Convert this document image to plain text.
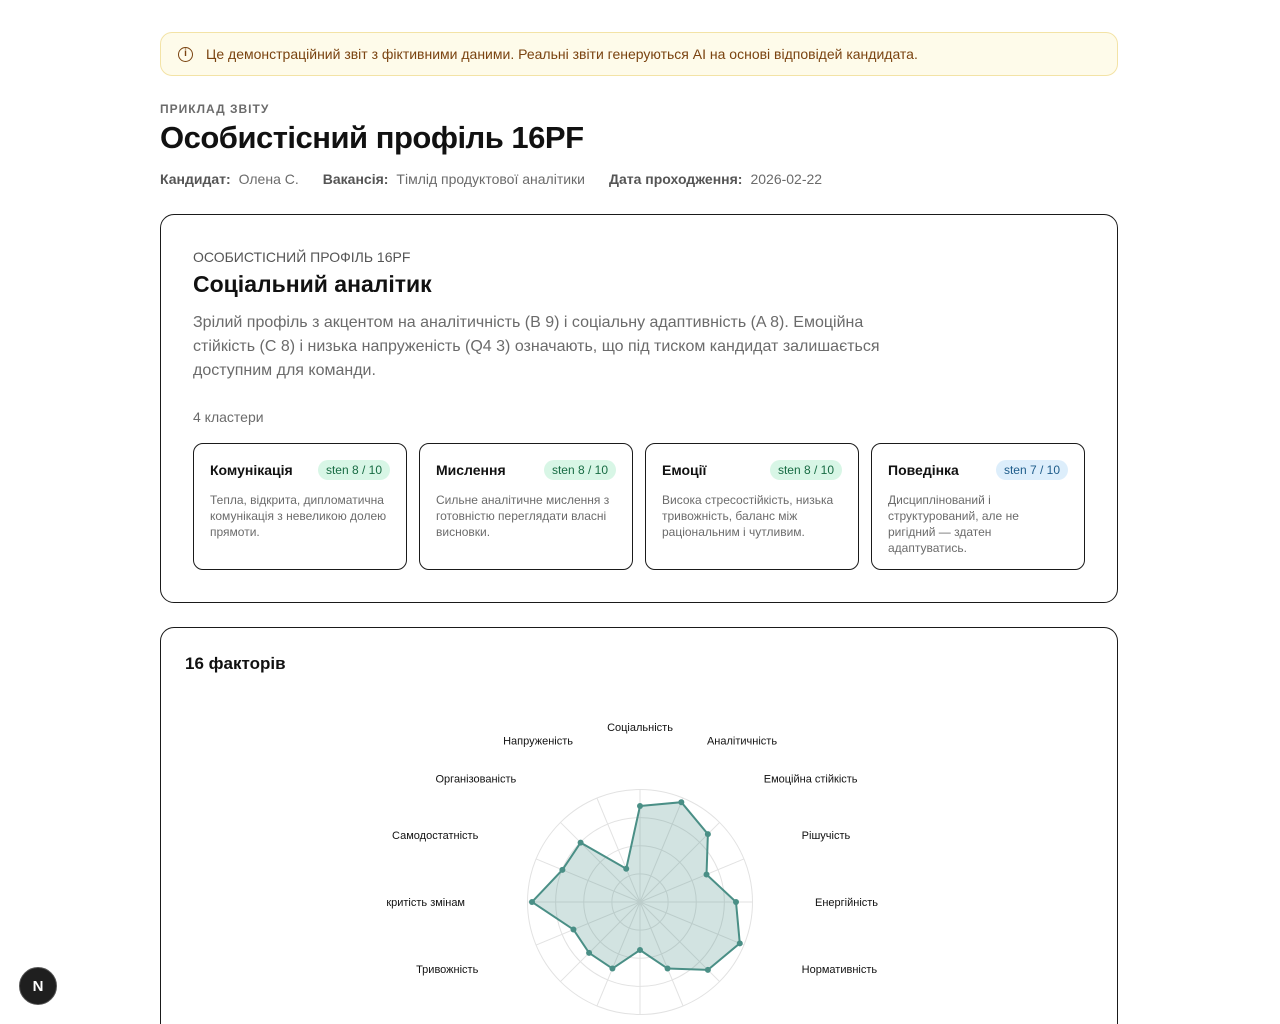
i	Це демонстраційний звіт з фіктивними даними. Реальні звіти генеруються AI на основі відповідей кандидата.
ПРИКЛАД ЗВІТУ
Особистісний профіль 16PF
Кандидат: Олена С. Вакансія: Тімлід продуктової аналітики Дата проходження: 2026-02-22
ОСОБИСТІСНИЙ ПРОФІЛЬ 16PF
Соціальний аналітик

Зрілий профіль з акцентом на аналітичність (B 9) і соціальну адаптивність (A 8). Емоційна стійкість (C 8) і низька напруженість (Q4 3) означають, що під тиском кандидат залишається доступним для команди.

4 кластери
Комунікація	sten 8 / 10
Тепла, відкрита, дипломатична комунікація з невеликою долею прямоти.
Мислення	sten 8 / 10
Сильне аналітичне мислення з готовністю переглядати власні висновки.
Емоції	sten 8 / 10
Висока стресостійкість, низька тривожність, баланс між раціональним і чутливим.
Поведінка	sten 7 / 10
Дисциплінований і структурований, але не ригідний — здатен адаптуватись.
16 факторів
Соціальність
Аналітичність
Емоційна стійкість
Рішучість
Енергійність
Нормативність
Тривожність
критість змінам
Самодостатність
Організованість
Напруженість
N
